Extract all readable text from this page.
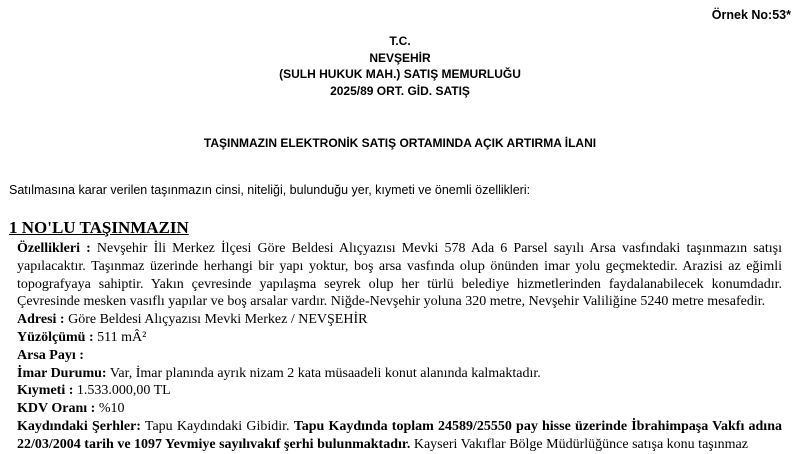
Örnek No:53*
T.C.
NEVŞEHİR
(SULH HUKUK MAH.) SATIŞ MEMURLUĞU
2025/89 ORT. GİD. SATIŞ
TAŞINMAZIN ELEKTRONİK SATIŞ ORTAMINDA AÇIK ARTIRMA İLANI
Satılmasına karar verilen taşınmazın cinsi, niteliği, bulunduğu yer, kıymeti ve önemli özellikleri:
1 NO'LU TAŞINMAZIN

Özellikleri : Nevşehir İli Merkez İlçesi Göre Beldesi Alıçyazısı Mevki 578 Ada 6 Parsel sayılı Arsa vasfındaki taşınmazın satışı yapılacaktır. Taşınmaz üzerinde herhangi bir yapı yoktur, boş arsa vasfında olup önünden imar yolu geçmektedir. Arazisi az eğimli topografyaya sahiptir. Yakın çevresinde yapılaşma seyrek olup her türlü belediye hizmetlerinden faydalanabilecek konumdadır. Çevresinde mesken vasıflı yapılar ve boş arsalar vardır. Niğde-Nevşehir yoluna 320 metre, Nevşehir Valiliğine 5240 metre mesafedir.

Adresi : Göre Beldesi Alıçyazısı Mevki Merkez / NEVŞEHİR

Yüzölçümü : 511 mÂ²

Arsa Payı :

İmar Durumu: Var, İmar planında ayrık nizam 2 kata müsaadeli konut alanında kalmaktadır.

Kıymeti : 1.533.000,00 TL

KDV Oranı : %10

Kaydındaki Şerhler: Tapu Kaydındaki Gibidir. Tapu Kaydında toplam 24589/25550 pay hisse üzerinde İbrahimpaşa Vakfı adına 22/03/2004 tarih ve 1097 Yevmiye sayılıvakıf şerhi bulunmaktadır. Kayseri Vakıflar Bölge Müdürlüğünce satışa konu taşınmaz
